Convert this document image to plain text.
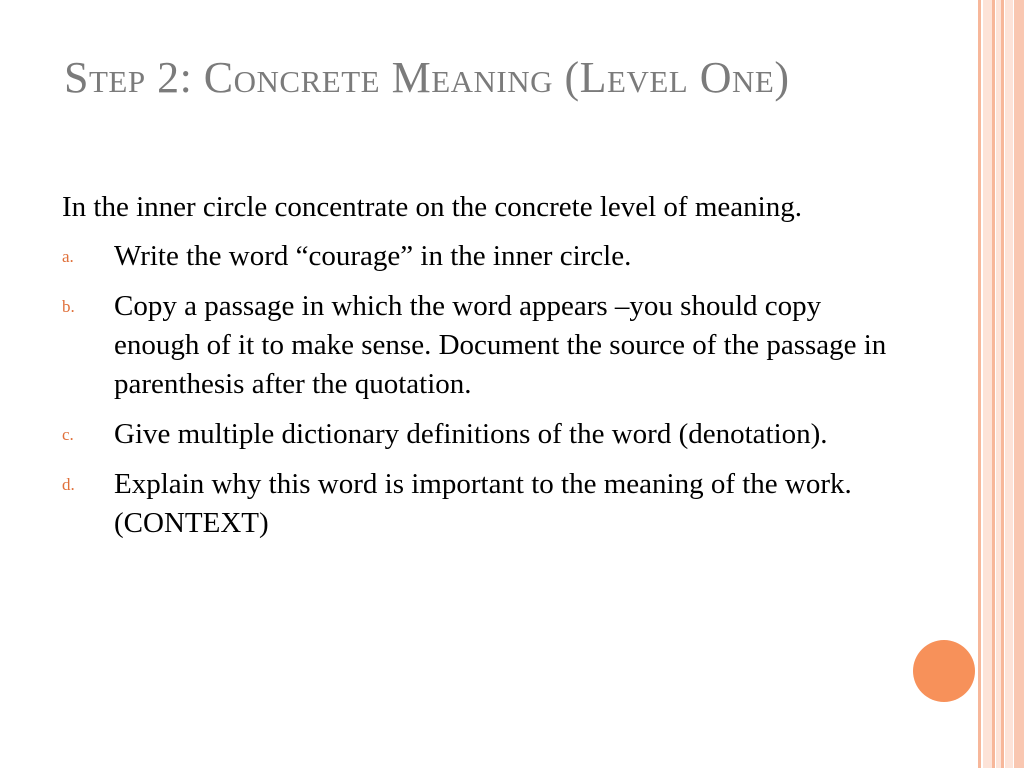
Step 2: Concrete Meaning (Level One)

In the inner circle concentrate on the concrete level of meaning.

a. Write the word “courage” in the inner circle.
b. Copy a passage in which the word appears –you should copy enough of it to make sense. Document the source of the passage in parenthesis after the quotation.
c. Give multiple dictionary definitions of the word (denotation).
d. Explain why this word is important to the meaning of the work. (CONTEXT)
